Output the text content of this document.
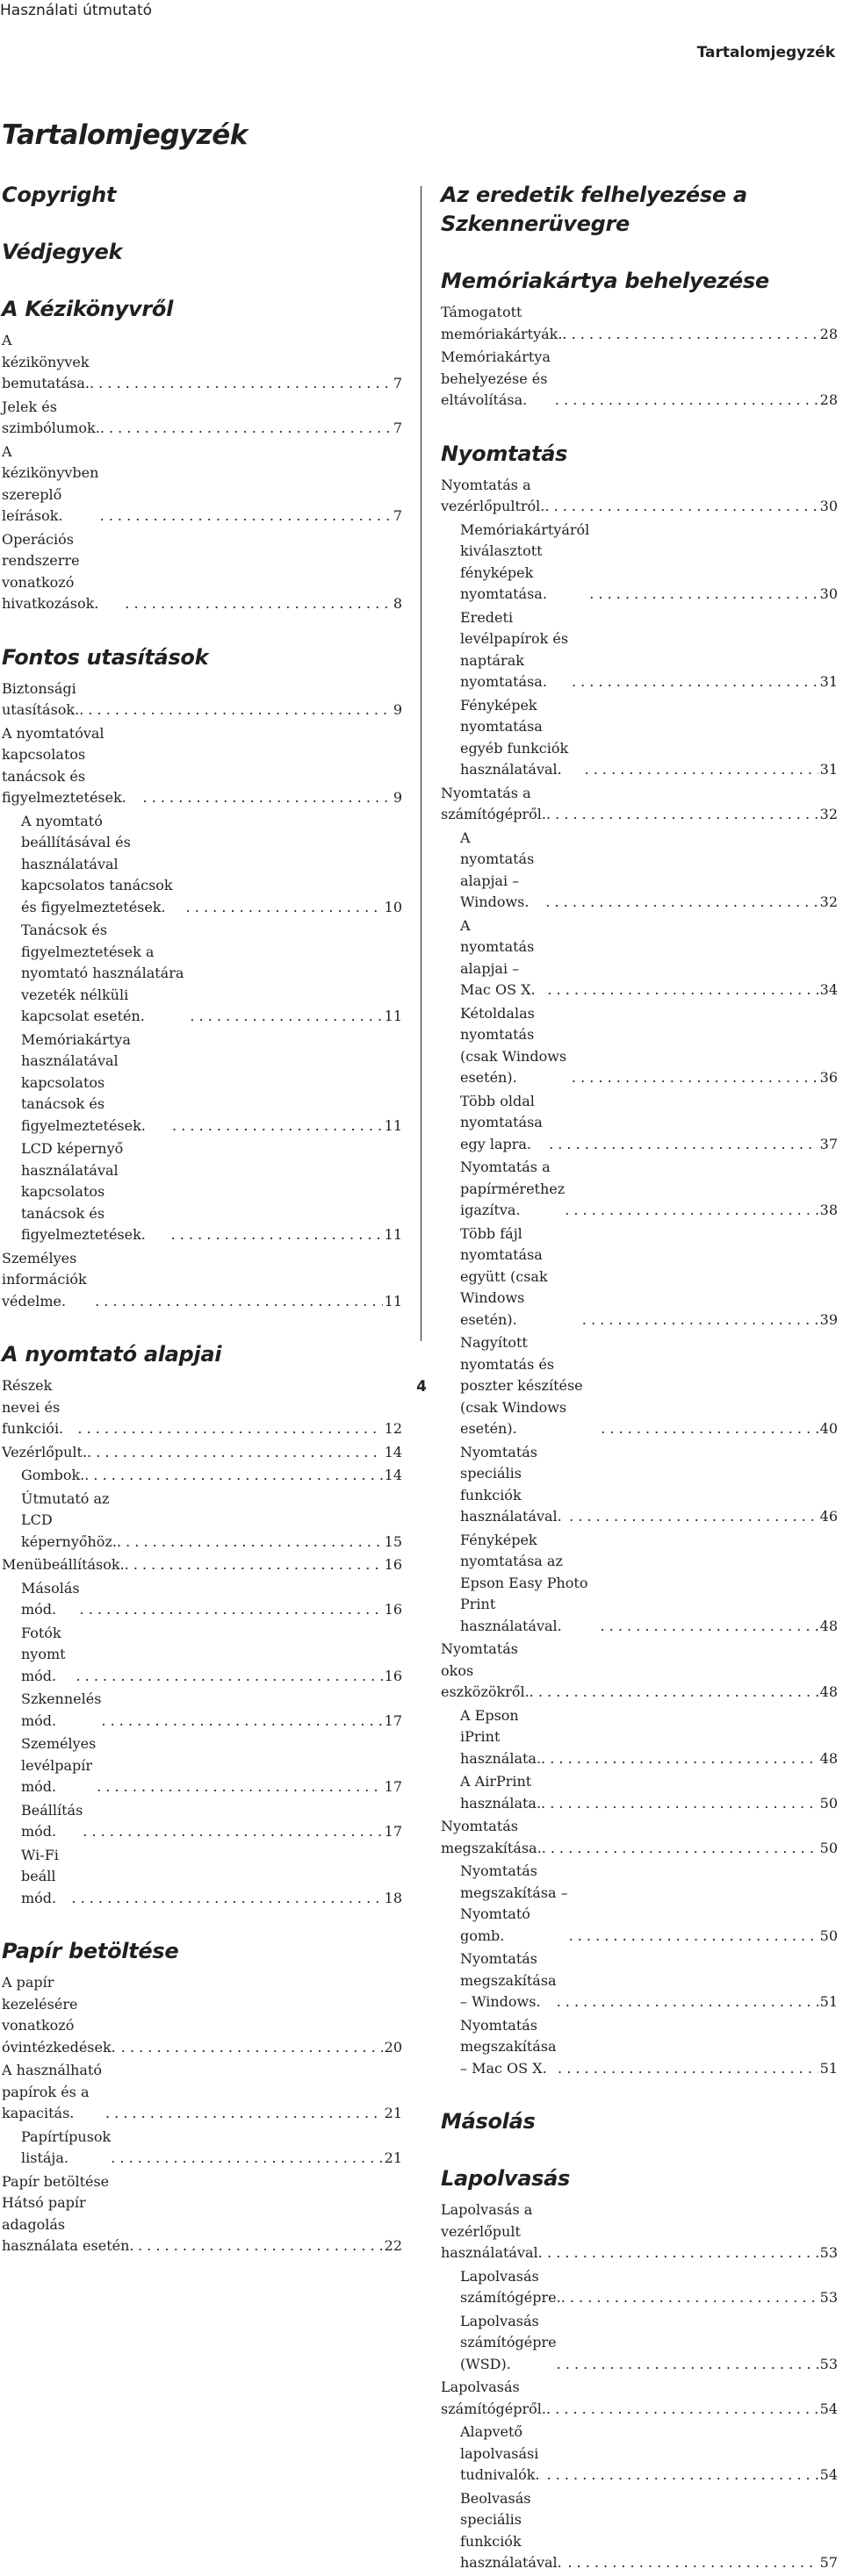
Használati útmutató
Tartalomjegyzék
Tartalomjegyzék
Copyright
Védjegyek
A Kézikönyvről
A kézikönyvek bemutatása. . . .	7
Jelek és szimbólumok. . . .	7
A kézikönyvben szereplő leírások. . . .	7
Operációs rendszerre vonatkozó hivatkozások. . . .	8
Fontos utasítások
Biztonsági utasítások. . . .	9
A nyomtatóval kapcsolatos tanácsok és figyelmeztetések. . . .	9
A nyomtató beállításával és használatával kapcsolatos tanácsok és figyelmeztetések. . . .	10
Tanácsok és figyelmeztetések a nyomtató használatára vezeték nélküli kapcsolat esetén. . . .	11
Memóriakártya használatával kapcsolatos tanácsok és figyelmeztetések. . . .	11
LCD képernyő használatával kapcsolatos tanácsok és figyelmeztetések. . . .	11
Személyes információk védelme. . . .	11
A nyomtató alapjai
Részek nevei és funkciói. . . .	12
Vezérlőpult. . . .	14
Gombok. . . .	14
Útmutató az LCD képernyőhöz. . . .	15
Menübeállítások. . . .	16
Másolás mód. . . .	16
Fotók nyomt mód. . . .	16
Szkennelés mód. . . .	17
Személyes levélpapír mód. . . .	17
Beállítás mód. . . .	17
Wi-Fi beáll mód. . . .	18
Papír betöltése
A papír kezelésére vonatkozó óvintézkedések. . . .	20
A használható papírok és a kapacitás. . . .	21
Papírtípusok listája. . . .	21
Papír betöltése Hátsó papír adagolás használata esetén. . . .	22
Az eredetik felhelyezése a Szkennerüvegre
Memóriakártya behelyezése
Támogatott memóriakártyák. . . .	28
Memóriakártya behelyezése és eltávolítása. . . .	28
Nyomtatás
Nyomtatás a vezérlőpultról. . . .	30
Memóriakártyáról kiválasztott fényképek nyomtatása. . . .	30
Eredeti levélpapírok és naptárak nyomtatása. . . .	31
Fényképek nyomtatása egyéb funkciók használatával. . . .	31
Nyomtatás a számítógépről. . . .	32
A nyomtatás alapjai – Windows. . . .	32
A nyomtatás alapjai – Mac OS X. . . .	34
Kétoldalas nyomtatás (csak Windows esetén). . . .	36
Több oldal nyomtatása egy lapra. . . .	37
Nyomtatás a papírmérethez igazítva. . . .	38
Több fájl nyomtatása együtt (csak Windows esetén). . . .	39
Nagyított nyomtatás és poszter készítése (csak Windows esetén). . . .	40
Nyomtatás speciális funkciók használatával. . . .	46
Fényképek nyomtatása az Epson Easy Photo Print használatával. . . .	48
Nyomtatás okos eszközökről. . . .	48
A Epson iPrint használata. . . .	48
A AirPrint használata. . . .	50
Nyomtatás megszakítása. . . .	50
Nyomtatás megszakítása – Nyomtató gomb. . . .	50
Nyomtatás megszakítása – Windows. . . .	51
Nyomtatás megszakítása – Mac OS X. . . .	51
Másolás
Lapolvasás
Lapolvasás a vezérlőpult használatával. . . .	53
Lapolvasás számítógépre. . . .	53
Lapolvasás számítógépre (WSD). . . .	53
Lapolvasás számítógépről. . . .	54
Alapvető lapolvasási tudnivalók. . . .	54
Beolvasás speciális funkciók használatával. . . .	57
4
